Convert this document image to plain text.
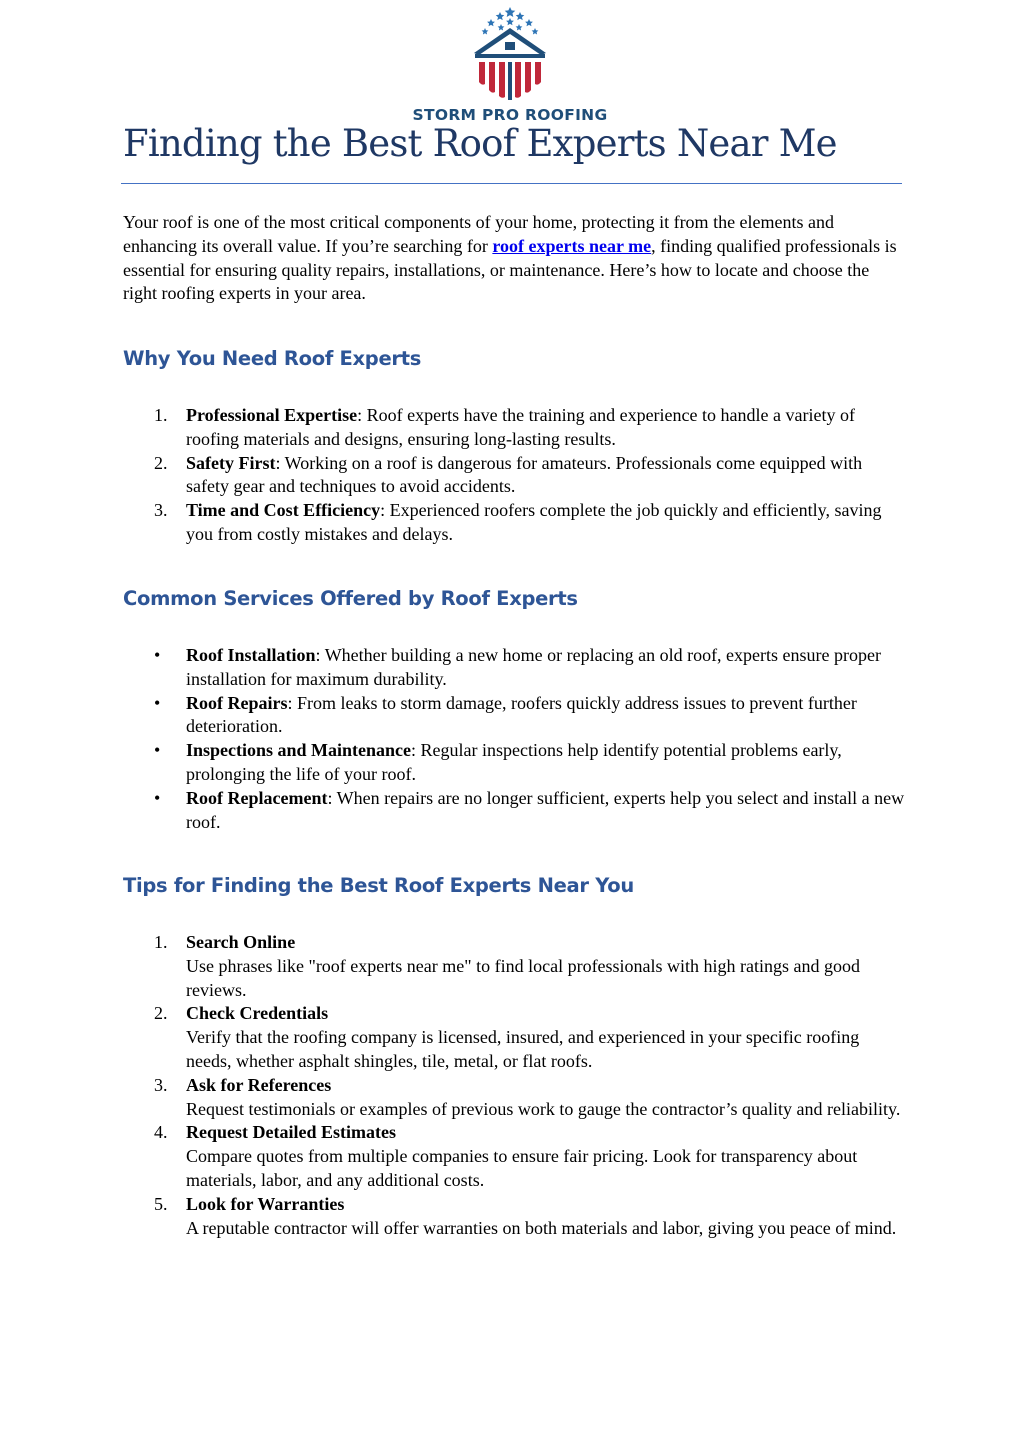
STORM PRO ROOFING
Finding the Best Roof Experts Near Me

Your roof is one of the most critical components of your home, protecting it from the elements and enhancing its overall value. If you’re searching for roof experts near me, finding qualified professionals is essential for ensuring quality repairs, installations, or maintenance. Here’s how to locate and choose the right roofing experts in your area.

Why You Need Roof Experts
1. Professional Expertise: Roof experts have the training and experience to handle a variety of roofing materials and designs, ensuring long-lasting results.
2. Safety First: Working on a roof is dangerous for amateurs. Professionals come equipped with safety gear and techniques to avoid accidents.
3. Time and Cost Efficiency: Experienced roofers complete the job quickly and efficiently, saving you from costly mistakes and delays.
Common Services Offered by Roof Experts
• Roof Installation: Whether building a new home or replacing an old roof, experts ensure proper installation for maximum durability.
• Roof Repairs: From leaks to storm damage, roofers quickly address issues to prevent further deterioration.
• Inspections and Maintenance: Regular inspections help identify potential problems early, prolonging the life of your roof.
• Roof Replacement: When repairs are no longer sufficient, experts help you select and install a new roof.
Tips for Finding the Best Roof Experts Near You
1. Search Online
Use phrases like "roof experts near me" to find local professionals with high ratings and good reviews.
2. Check Credentials
Verify that the roofing company is licensed, insured, and experienced in your specific roofing needs, whether asphalt shingles, tile, metal, or flat roofs.
3. Ask for References
Request testimonials or examples of previous work to gauge the contractor’s quality and reliability.
4. Request Detailed Estimates
Compare quotes from multiple companies to ensure fair pricing. Look for transparency about materials, labor, and any additional costs.
5. Look for Warranties
A reputable contractor will offer warranties on both materials and labor, giving you peace of mind.
